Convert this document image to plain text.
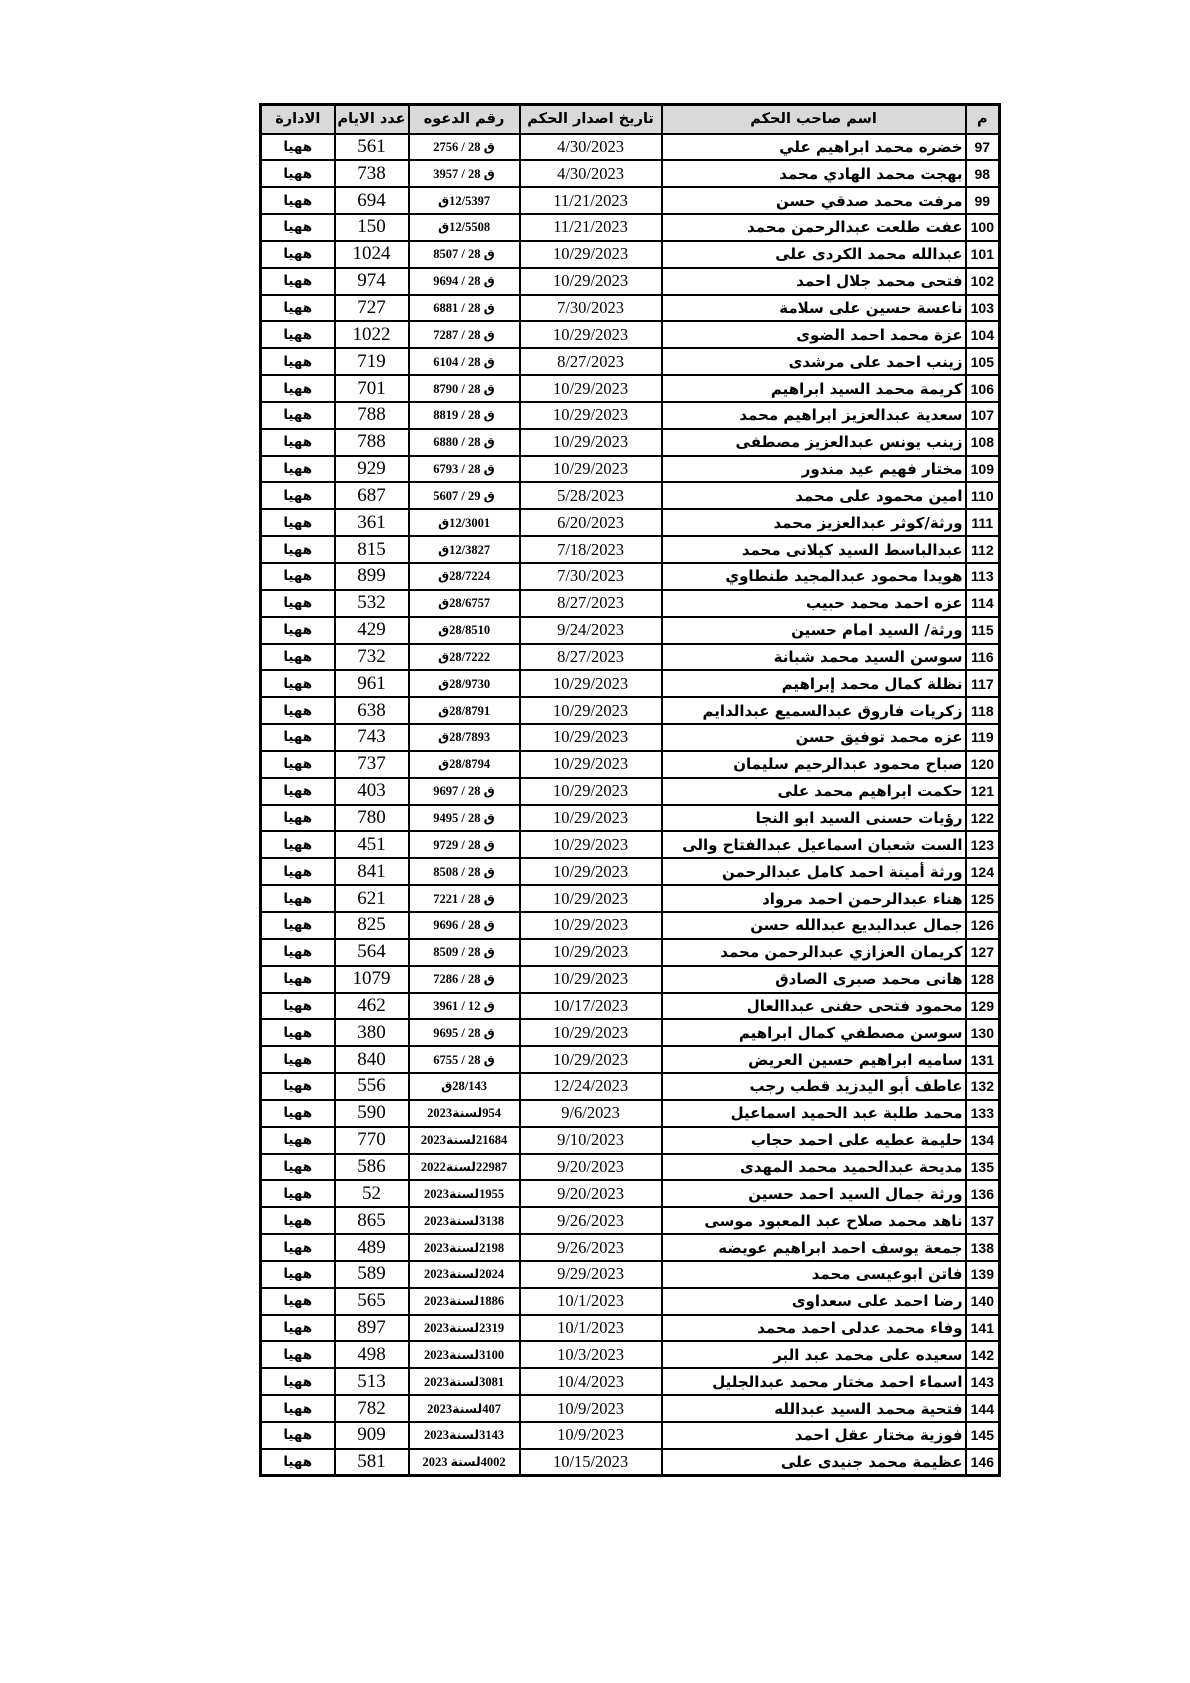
م	اسم صاحب الحكم	تاريخ اصدار الحكم	رقم الدعوه	عدد الايام	الادارة
97	خضره محمد ابراهيم علي	4/30/2023	ق 28 / 2756	561	ههيا
98	بهجت محمد الهادي محمد	4/30/2023	ق 28 / 3957	738	ههيا
99	مرفت محمد صدقي حسن	11/21/2023	12/5397ق	694	ههيا
100	عفت طلعت عبدالرحمن محمد	11/21/2023	12/5508ق	150	ههيا
101	عبدالله محمد الكردى على	10/29/2023	ق 28 / 8507	1024	ههيا
102	فتحى محمد جلال احمد	10/29/2023	ق 28 / 9694	974	ههيا
103	ناعسة حسين على سلامة	7/30/2023	ق 28 / 6881	727	ههيا
104	عزة محمد احمد الضوى	10/29/2023	ق 28 / 7287	1022	ههيا
105	زينب احمد على مرشدى	8/27/2023	ق 28 / 6104	719	ههيا
106	كريمة محمد السيد ابراهيم	10/29/2023	ق 28 / 8790	701	ههيا
107	سعدية عبدالعزيز ابراهيم محمد	10/29/2023	ق 28 / 8819	788	ههيا
108	زينب يونس عبدالعزيز مصطفى	10/29/2023	ق 28 / 6880	788	ههيا
109	مختار فهيم عيد مندور	10/29/2023	ق 28 / 6793	929	ههيا
110	امين محمود على محمد	5/28/2023	ق 29 / 5607	687	ههيا
111	ورثة/كوثر عبدالعزيز محمد	6/20/2023	12/3001ق	361	ههيا
112	عبدالباسط السيد كيلانى محمد	7/18/2023	12/3827ق	815	ههيا
113	هويدا محمود عبدالمجيد طنطاوي	7/30/2023	28/7224ق	899	ههيا
114	عزه احمد محمد حبيب	8/27/2023	28/6757ق	532	ههيا
115	ورثة/ السيد امام حسين	9/24/2023	28/8510ق	429	ههيا
116	سوسن السيد محمد شبانة	8/27/2023	28/7222ق	732	ههيا
117	نظلة كمال محمد إبراهيم	10/29/2023	28/9730ق	961	ههيا
118	زكريات فاروق عبدالسميع عبدالدايم	10/29/2023	28/8791ق	638	ههيا
119	عزه محمد توفيق حسن	10/29/2023	28/7893ق	743	ههيا
120	صباح محمود عبدالرحيم سليمان	10/29/2023	28/8794ق	737	ههيا
121	حكمت ابراهيم محمد على	10/29/2023	ق 28 / 9697	403	ههيا
122	رؤيات حسنى السيد ابو النجا	10/29/2023	ق 28 / 9495	780	ههيا
123	الست شعبان اسماعيل عبدالفتاح والى	10/29/2023	ق 28 / 9729	451	ههيا
124	ورثة أمينة احمد كامل عبدالرحمن	10/29/2023	ق 28 / 8508	841	ههيا
125	هناء عبدالرحمن احمد مرواد	10/29/2023	ق 28 / 7221	621	ههيا
126	جمال عبدالبديع عبدالله حسن	10/29/2023	ق 28 / 9696	825	ههيا
127	كريمان العزازي عبدالرحمن محمد	10/29/2023	ق 28 / 8509	564	ههيا
128	هانى محمد صبرى الصادق	10/29/2023	ق 28 / 7286	1079	ههيا
129	محمود فتحى حفنى عبداالعال	10/17/2023	ق 12 / 3961	462	ههيا
130	سوسن مصطفي كمال ابراهيم	10/29/2023	ق 28 / 9695	380	ههيا
131	ساميه ابراهيم حسين العريض	10/29/2023	ق 28 / 6755	840	ههيا
132	عاطف أبو اليدزيد قطب رجب	12/24/2023	28/143ق	556	ههيا
133	محمد طلبة عبد الحميد اسماعيل	9/6/2023	954لسنة2023	590	ههيا
134	حليمة عطيه على احمد حجاب	9/10/2023	21684لسنة2023	770	ههيا
135	مديحة عبدالحميد محمد المهدى	9/20/2023	22987لسنة2022	586	ههيا
136	ورثة جمال السيد احمد حسين	9/20/2023	1955لسنة2023	52	ههيا
137	ناهد محمد صلاح عبد المعبود موسى	9/26/2023	3138لسنة2023	865	ههيا
138	جمعة يوسف احمد ابراهيم عويضه	9/26/2023	2198لسنة2023	489	ههيا
139	فاتن ابوعيسى محمد	9/29/2023	2024لسنة2023	589	ههيا
140	رضا احمد على سعداوى	10/1/2023	1886لسنة2023	565	ههيا
141	وفاء محمد عدلى احمد محمد	10/1/2023	2319لسنة2023	897	ههيا
142	سعيده على محمد عبد البر	10/3/2023	3100لسنة2023	498	ههيا
143	اسماء احمد مختار محمد عبدالجليل	10/4/2023	3081لسنة2023	513	ههيا
144	فتحية محمد السيد عبدالله	10/9/2023	407لسنة2023	782	ههيا
145	فوزية مختار عقل احمد	10/9/2023	3143لسنة2023	909	ههيا
146	عظيمة محمد جنيدى على	10/15/2023	4002لسنة 2023	581	ههيا
